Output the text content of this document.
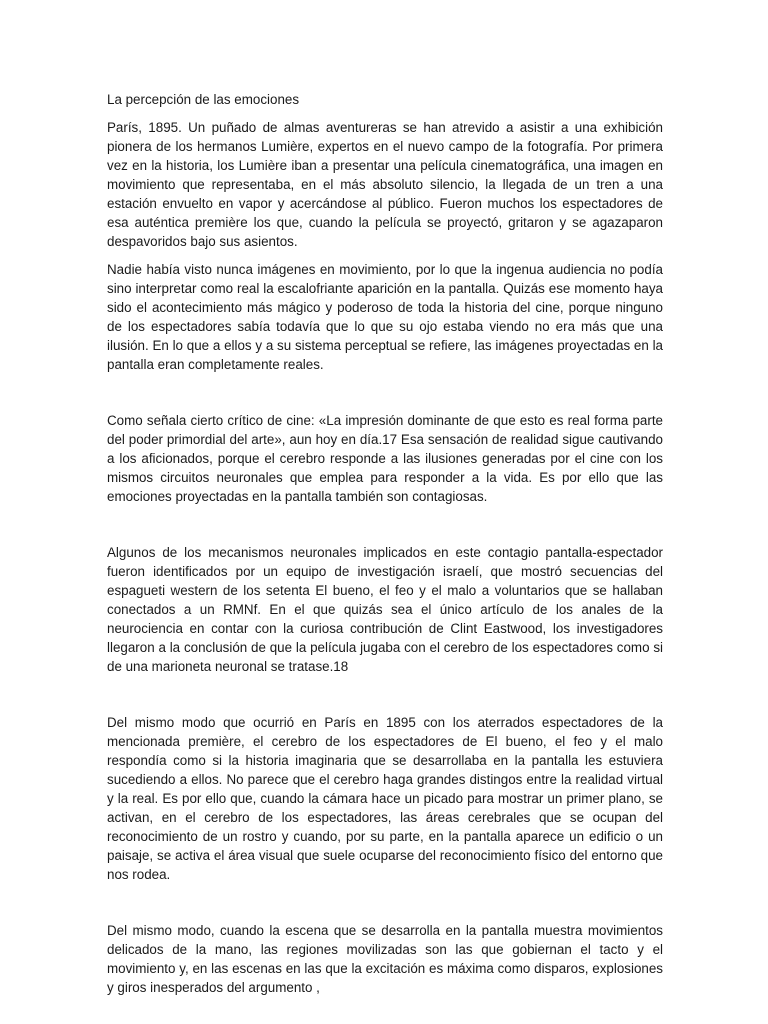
La percepción de las emociones

París, 1895. Un puñado de almas aventureras se han atrevido a asistir a una exhibición pionera de los hermanos Lumière, expertos en el nuevo campo de la fotografía. Por primera vez en la historia, los Lumière iban a presentar una película cinematográfica, una imagen en movimiento que representaba, en el más absoluto silencio, la llegada de un tren a una estación envuelto en vapor y acercándose al público. Fueron muchos los espectadores de esa auténtica première los que, cuando la película se proyectó, gritaron y se agazaparon despavoridos bajo sus asientos.

Nadie había visto nunca imágenes en movimiento, por lo que la ingenua audiencia no podía sino interpretar como real la escalofriante aparición en la pantalla. Quizás ese momento haya sido el acontecimiento más mágico y poderoso de toda la historia del cine, porque ninguno de los espectadores sabía todavía que lo que su ojo estaba viendo no era más que una ilusión. En lo que a ellos y a su sistema perceptual se refiere, las imágenes proyectadas en la pantalla eran completamente reales.

Como señala cierto crítico de cine: «La impresión dominante de que esto es real forma parte del poder primordial del arte», aun hoy en día.17 Esa sensación de realidad sigue cautivando a los aficionados, porque el cerebro responde a las ilusiones generadas por el cine con los mismos circuitos neuronales que emplea para responder a la vida. Es por ello que las emociones proyectadas en la pantalla también son contagiosas.

Algunos de los mecanismos neuronales implicados en este contagio pantalla-espectador fueron identificados por un equipo de investigación israelí, que mostró secuencias del espagueti western de los setenta El bueno, el feo y el malo a voluntarios que se hallaban conectados a un RMNf. En el que quizás sea el único artículo de los anales de la neurociencia en contar con la curiosa contribución de Clint Eastwood, los investigadores llegaron a la conclusión de que la película jugaba con el cerebro de los espectadores como si de una marioneta neuronal se tratase.18

Del mismo modo que ocurrió en París en 1895 con los aterrados espectadores de la mencionada première, el cerebro de los espectadores de El bueno, el feo y el malo respondía como si la historia imaginaria que se desarrollaba en la pantalla les estuviera sucediendo a ellos. No parece que el cerebro haga grandes distingos entre la realidad virtual y la real. Es por ello que, cuando la cámara hace un picado para mostrar un primer plano, se activan, en el cerebro de los espectadores, las áreas cerebrales que se ocupan del reconocimiento de un rostro y cuando, por su parte, en la pantalla aparece un edificio o un paisaje, se activa el área visual que suele ocuparse del reconocimiento físico del entorno que nos rodea.

Del mismo modo, cuando la escena que se desarrolla en la pantalla muestra movimientos delicados de la mano, las regiones movilizadas son las que gobiernan el tacto y el movimiento y, en las escenas en las que la excitación es máxima como disparos, explosiones y giros inesperados del argumento ,
